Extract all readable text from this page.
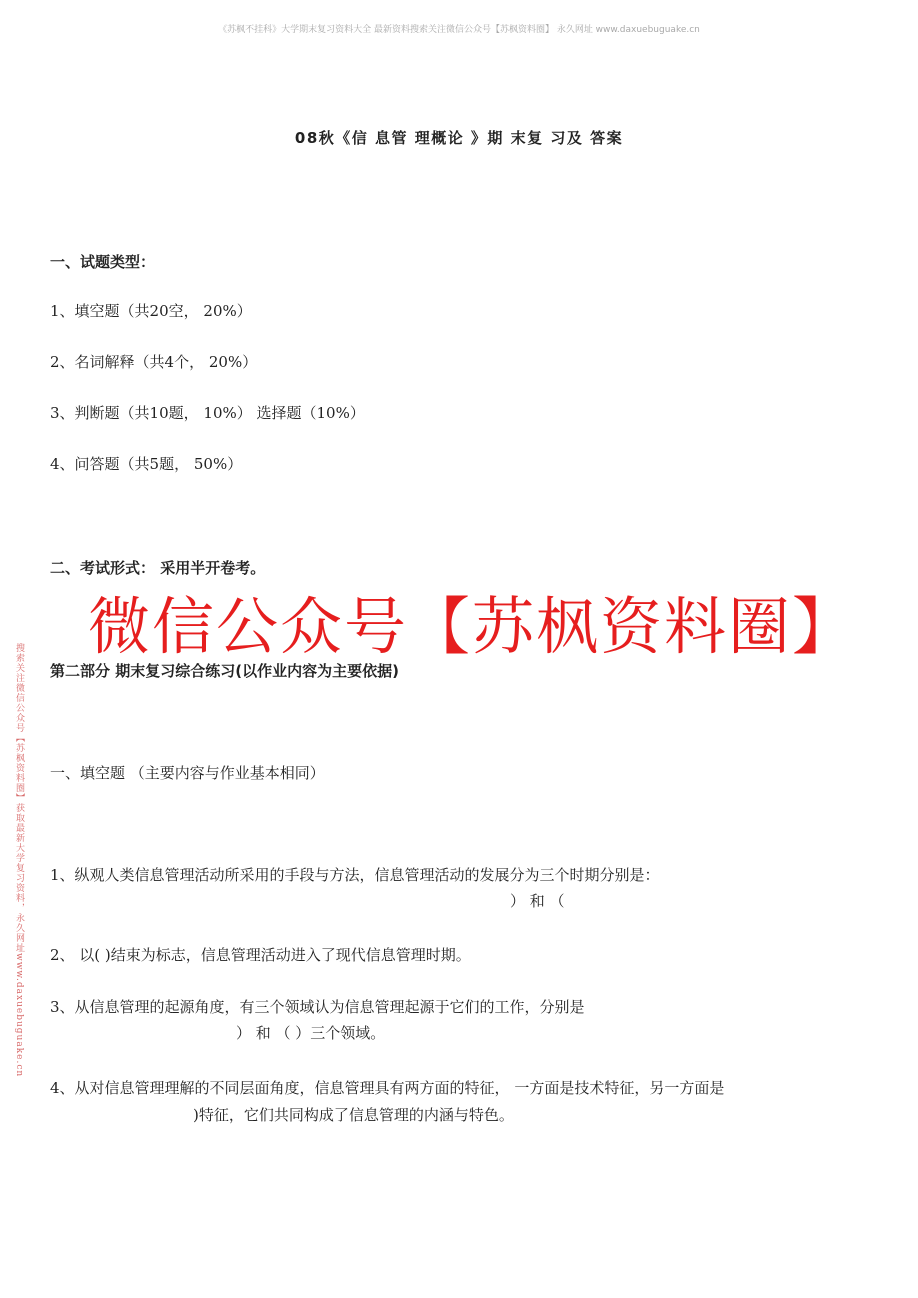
《苏枫不挂科》大学期末复习资料大全 最新资料搜索关注微信公众号【苏枫资料圈】 永久网址 www.daxuebuguake.cn
08秋《信 息管 理概论 》期 末复 习及 答案
一、试题类型：
1、填空题（共20空， 20%）
2、名词解释（共4个， 20%）
3、判断题（共10题， 10%） 选择题（10%）
4、问答题（共5题， 50%）
二、考试形式： 采用半开卷考。
第二部分 期末复习综合练习(以作业内容为主要依据)
一、填空题 （主要内容与作业基本相同）
1、纵观人类信息管理活动所采用的手段与方法，信息管理活动的发展分为三个时期分别是：
） 和 （
2、 以( )结束为标志，信息管理活动进入了现代信息管理时期。
3、从信息管理的起源角度，有三个领域认为信息管理起源于它们的工作，分别是
） 和 （ ）三个领域。
4、从对信息管理理解的不同层面角度，信息管理具有两方面的特征， 一方面是技术特征，另一方面是
)特征，它们共同构成了信息管理的内涵与特色。
微信公众号【苏枫资料圈】
搜索关注微信公众号【苏枫资料圈】获取最新大学复习资料，永久网址www.daxuebuguake.cn
